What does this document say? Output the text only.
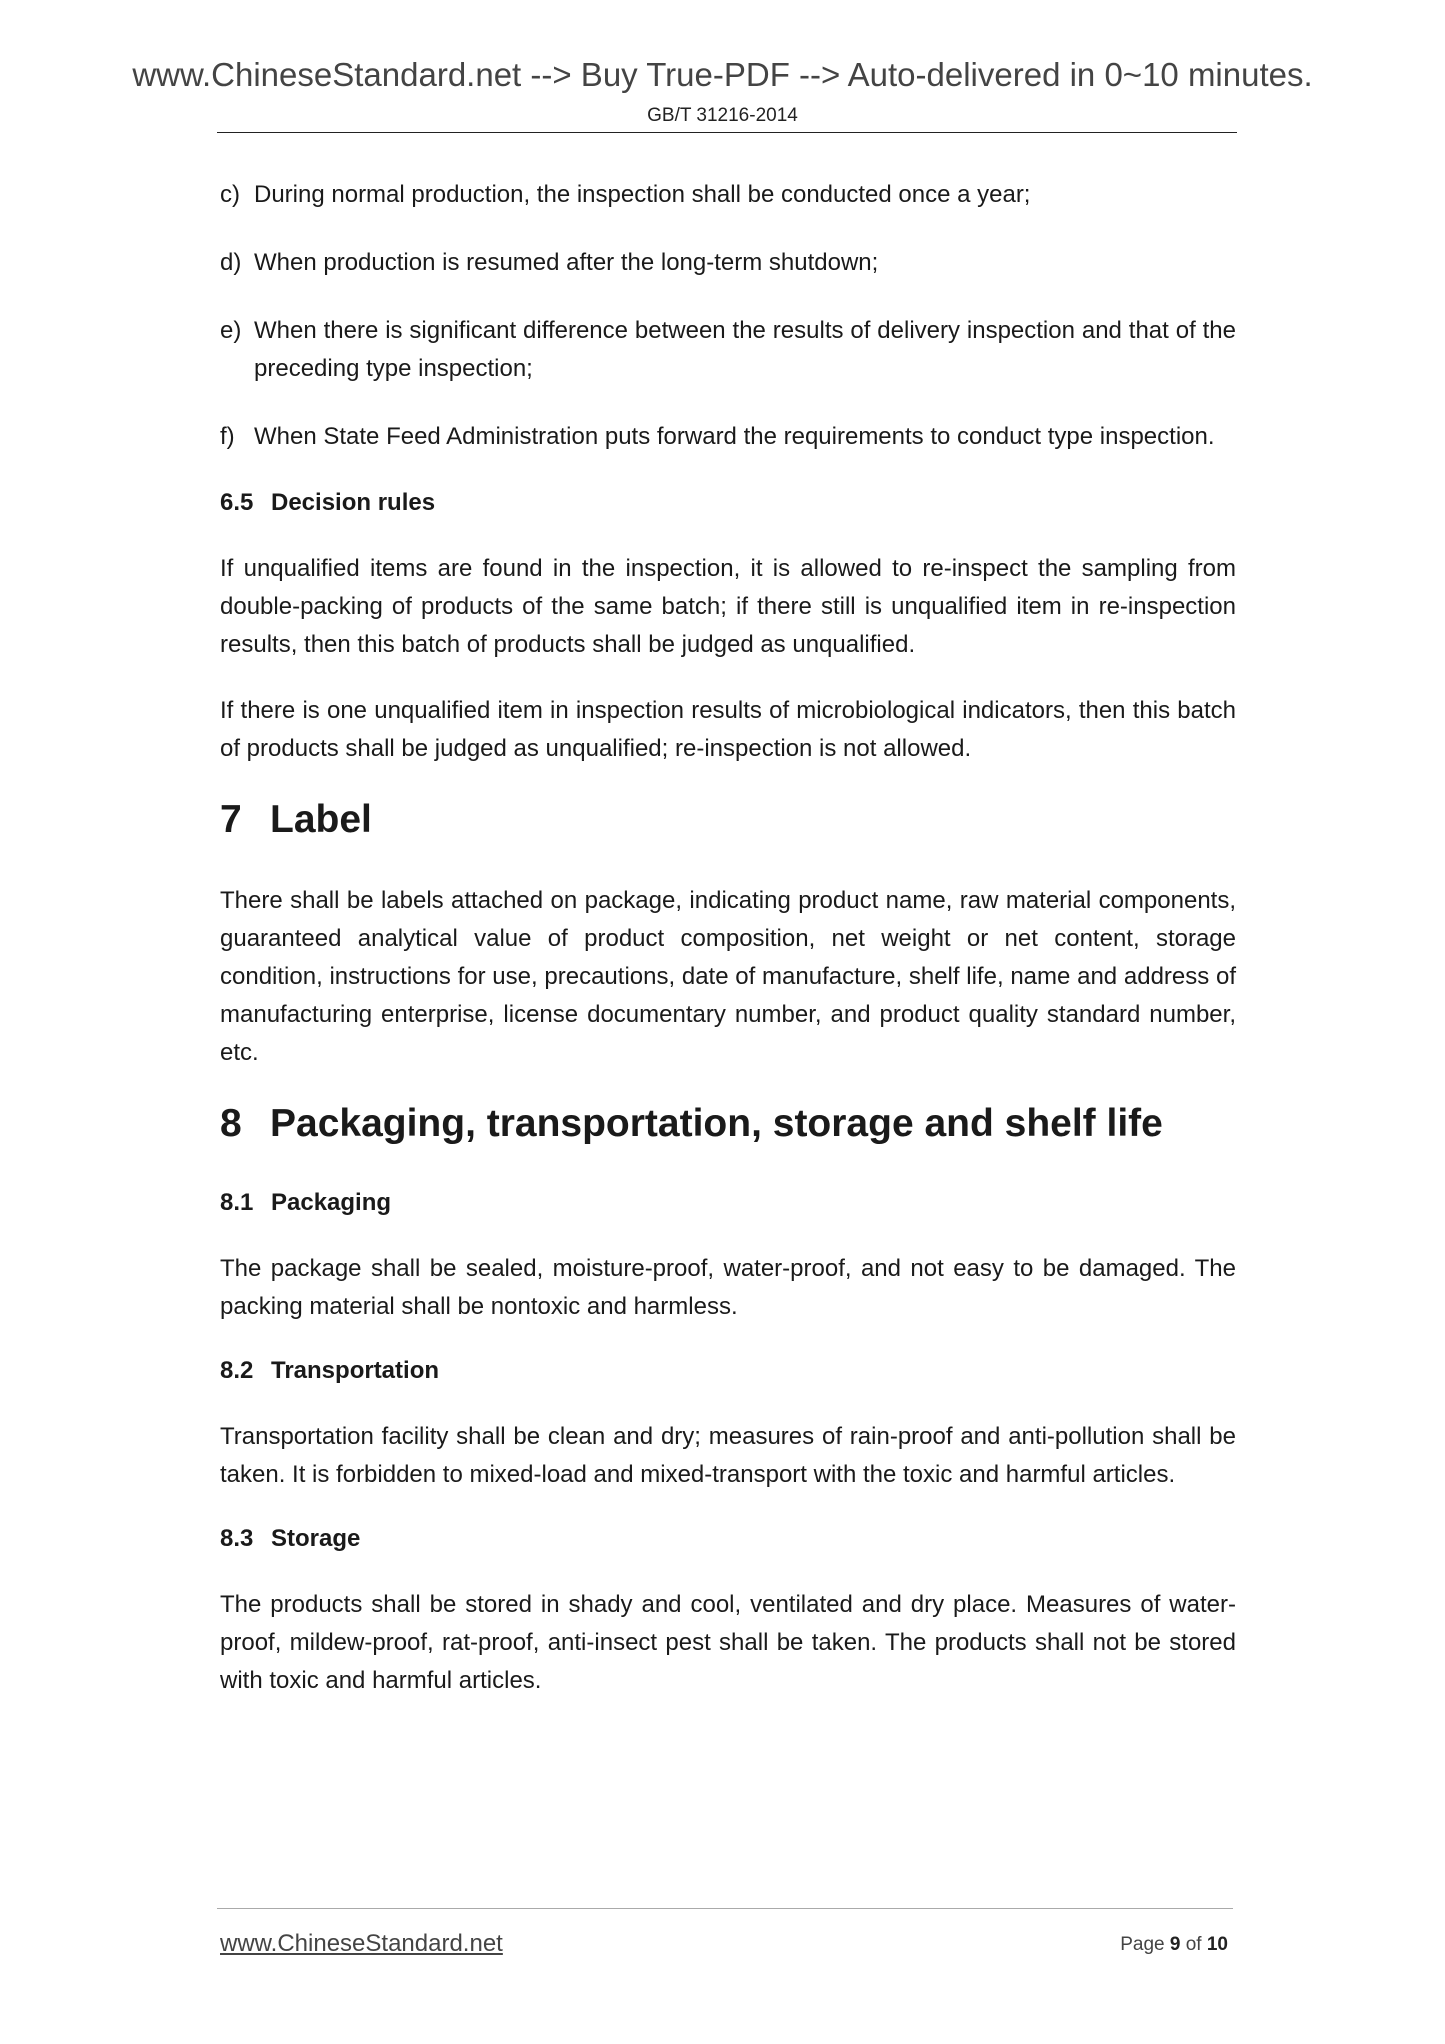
www.ChineseStandard.net --> Buy True-PDF --> Auto-delivered in 0~10 minutes.
GB/T 31216-2014
c) During normal production, the inspection shall be conducted once a year;
d) When production is resumed after the long-term shutdown;
e) When there is significant difference between the results of delivery inspection and that of the preceding type inspection;
f) When State Feed Administration puts forward the requirements to conduct type inspection.
6.5 Decision rules

If unqualified items are found in the inspection, it is allowed to re-inspect the sampling from double-packing of products of the same batch; if there still is unqualified item in re-inspection results, then this batch of products shall be judged as unqualified.

If there is one unqualified item in inspection results of microbiological indicators, then this batch of products shall be judged as unqualified; re-inspection is not allowed.

7 Label

There shall be labels attached on package, indicating product name, raw material components, guaranteed analytical value of product composition, net weight or net content, storage condition, instructions for use, precautions, date of manufacture, shelf life, name and address of manufacturing enterprise, license documentary number, and product quality standard number, etc.

8 Packaging, transportation, storage and shelf life
8.1 Packaging

The package shall be sealed, moisture-proof, water-proof, and not easy to be damaged. The packing material shall be nontoxic and harmless.

8.2 Transportation

Transportation facility shall be clean and dry; measures of rain-proof and anti-pollution shall be taken. It is forbidden to mixed-load and mixed-transport with the toxic and harmful articles.

8.3 Storage

The products shall be stored in shady and cool, ventilated and dry place. Measures of water-proof, mildew-proof, rat-proof, anti-insect pest shall be taken. The products shall not be stored with toxic and harmful articles.

www.ChineseStandard.net	Page 9 of 10
